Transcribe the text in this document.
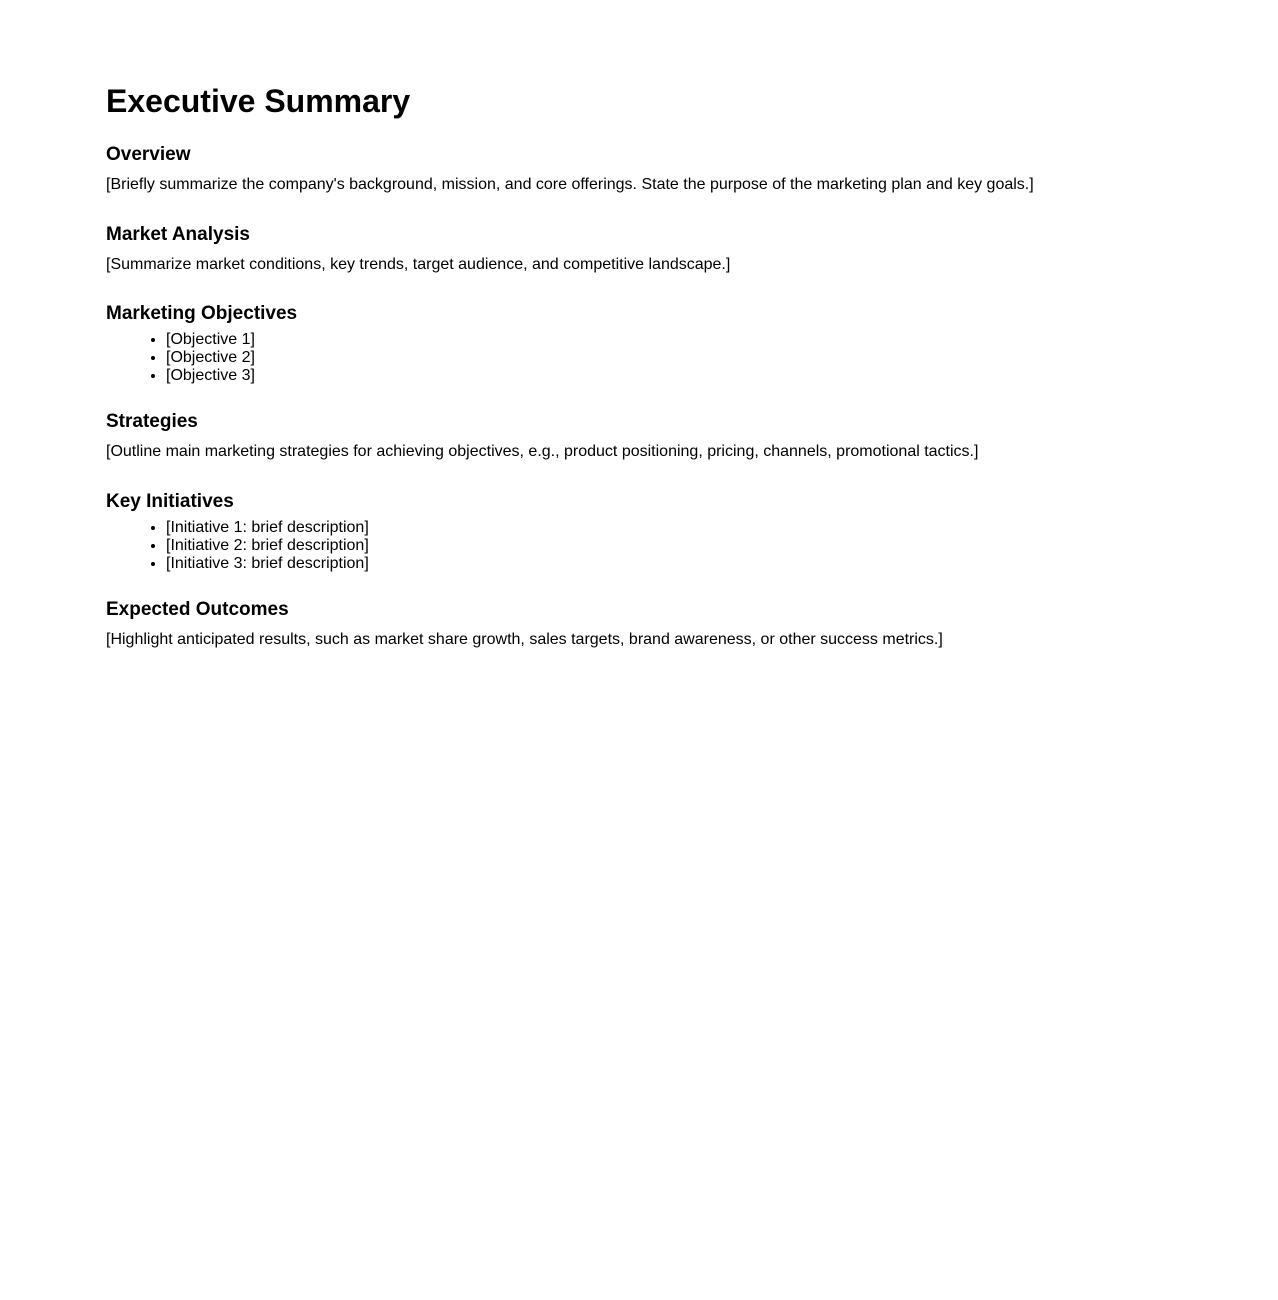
Executive Summary
Overview

[Briefly summarize the company's background, mission, and core offerings. State the purpose of the marketing plan and key goals.]

Market Analysis

[Summarize market conditions, key trends, target audience, and competitive landscape.]

Marketing Objectives
• [Objective 1]
• [Objective 2]
• [Objective 3]
Strategies

[Outline main marketing strategies for achieving objectives, e.g., product positioning, pricing, channels, promotional tactics.]

Key Initiatives
• [Initiative 1: brief description]
• [Initiative 2: brief description]
• [Initiative 3: brief description]
Expected Outcomes

[Highlight anticipated results, such as market share growth, sales targets, brand awareness, or other success metrics.]
